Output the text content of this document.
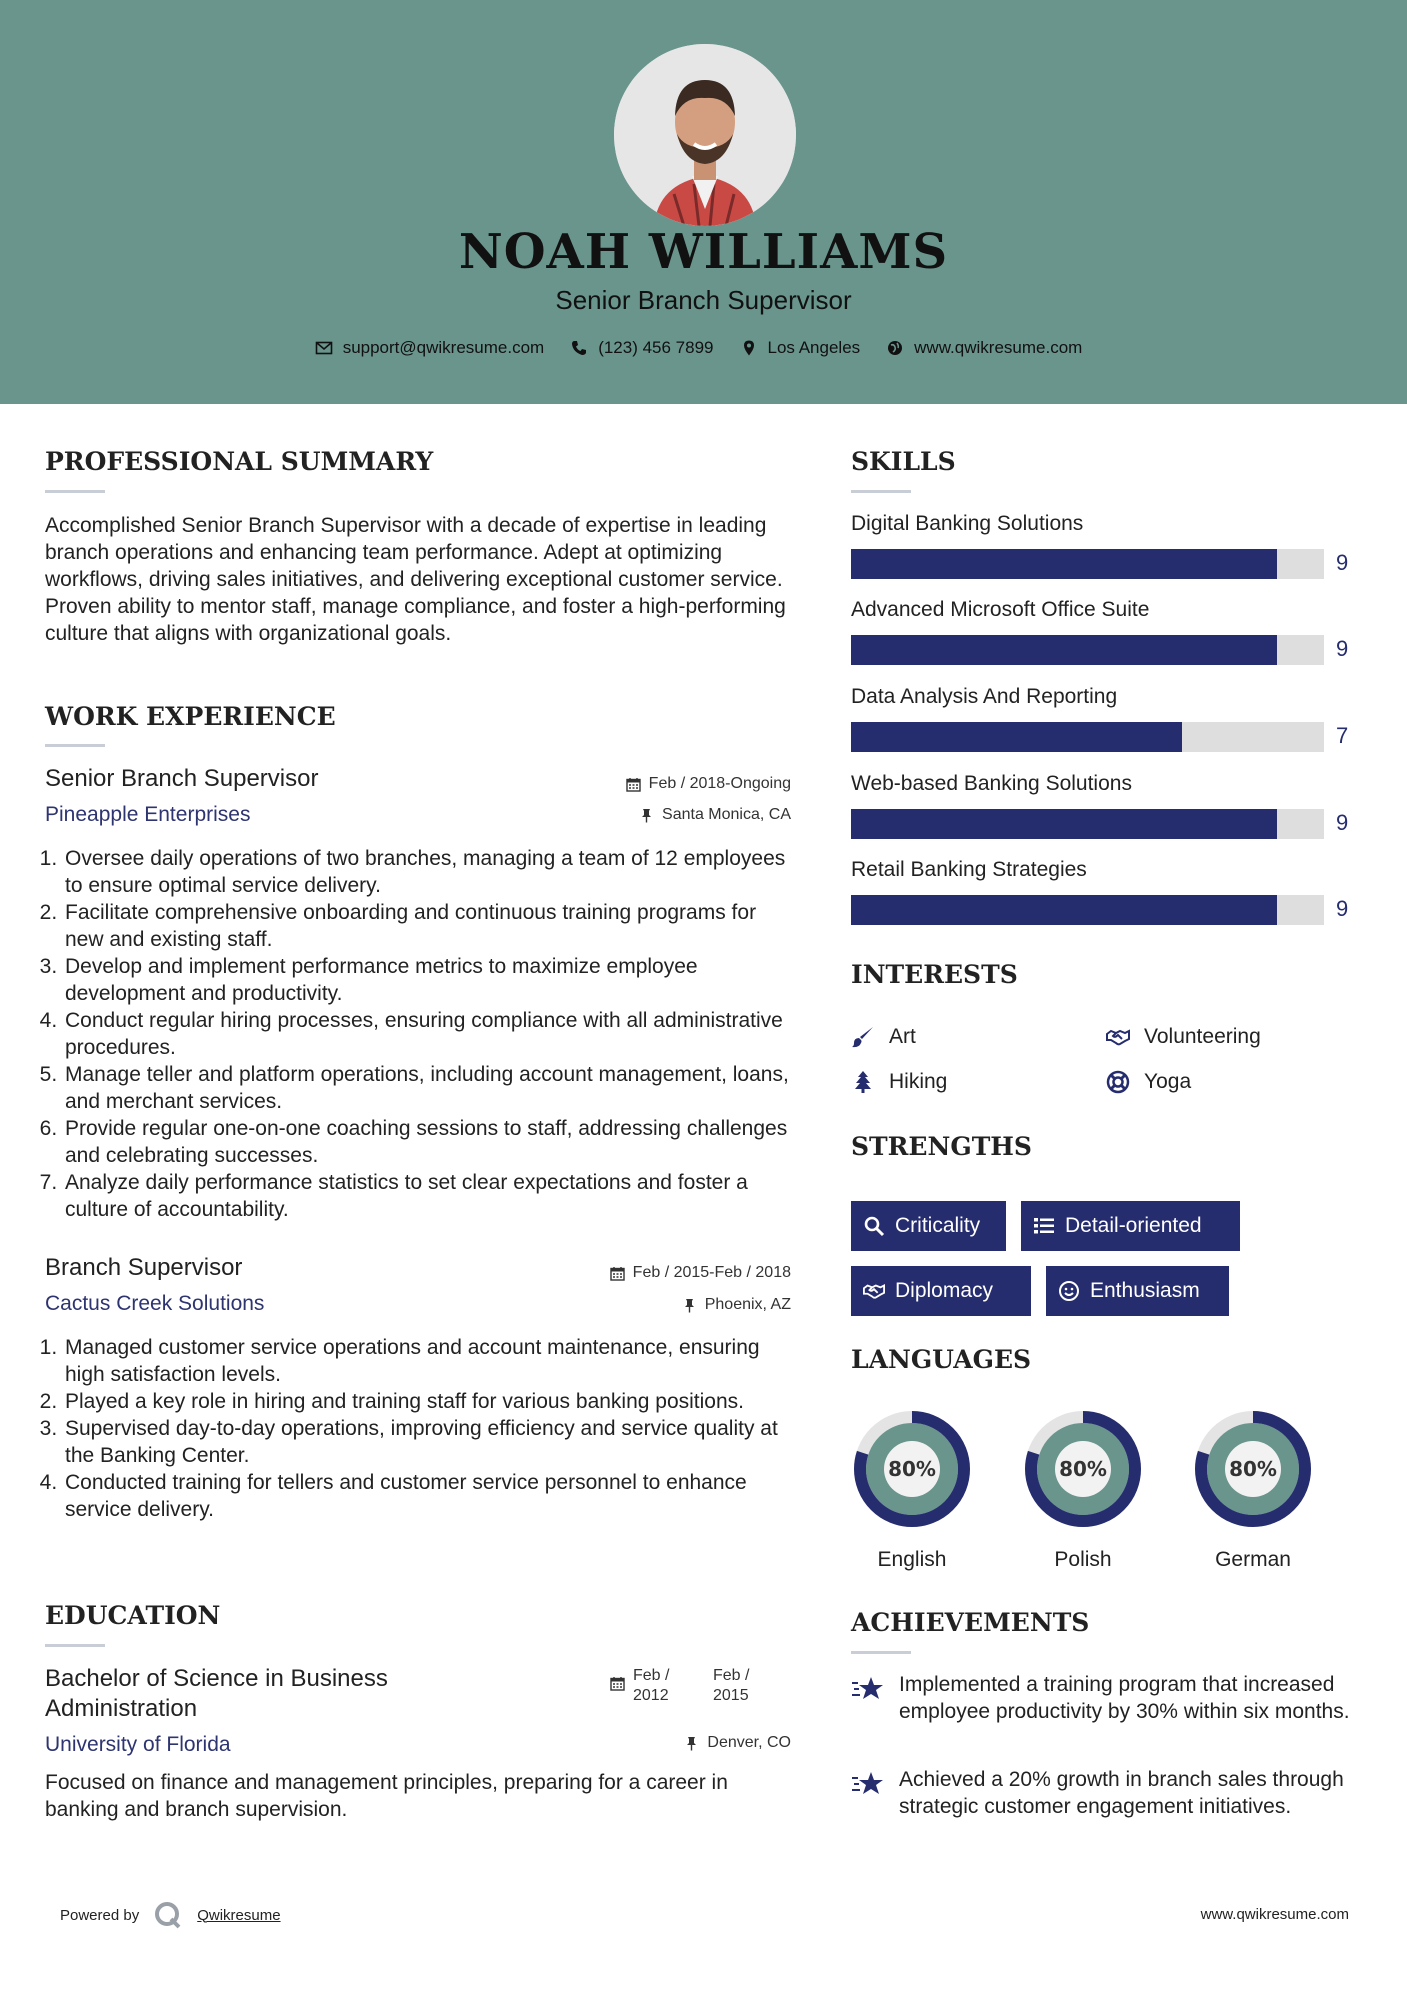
NOAH WILLIAMS
Senior Branch Supervisor
support@qwikresume.com	(123) 456 7899	Los Angeles	www.qwikresume.com
PROFESSIONAL SUMMARY
Accomplished Senior Branch Supervisor with a decade of expertise in leading branch operations and enhancing team performance. Adept at optimizing workflows, driving sales initiatives, and delivering exceptional customer service. Proven ability to mentor staff, manage compliance, and foster a high-performing culture that aligns with organizational goals.
WORK EXPERIENCE
Senior Branch Supervisor	Feb / 2018-Ongoing
Pineapple Enterprises	Santa Monica, CA
1. Oversee daily operations of two branches, managing a team of 12 employees to ensure optimal service delivery.
2. Facilitate comprehensive onboarding and continuous training programs for new and existing staff.
3. Develop and implement performance metrics to maximize employee development and productivity.
4. Conduct regular hiring processes, ensuring compliance with all administrative procedures.
5. Manage teller and platform operations, including account management, loans, and merchant services.
6. Provide regular one-on-one coaching sessions to staff, addressing challenges and celebrating successes.
7. Analyze daily performance statistics to set clear expectations and foster a culture of accountability.
Branch Supervisor	Feb / 2015-Feb / 2018
Cactus Creek Solutions	Phoenix, AZ
1. Managed customer service operations and account maintenance, ensuring high satisfaction levels.
2. Played a key role in hiring and training staff for various banking positions.
3. Supervised day-to-day operations, improving efficiency and service quality at the Banking Center.
4. Conducted training for tellers and customer service personnel to enhance service delivery.
EDUCATION
Bachelor of Science in Business Administration
Feb / 2012
Feb / 2015
University of Florida	Denver, CO
Focused on finance and management principles, preparing for a career in banking and branch supervision.
SKILLS
Digital Banking Solutions
9
Advanced Microsoft Office Suite
9
Data Analysis And Reporting
7
Web-based Banking Solutions
9
Retail Banking Strategies
9
INTERESTS
Art	Volunteering
Hiking	Yoga
STRENGTHS
Criticality	Detail-oriented
Diplomacy	Enthusiasm
LANGUAGES
80%
English
80%
Polish
80%
German
ACHIEVEMENTS
Implemented a training program that increased employee productivity by 30% within six months.
Achieved a 20% growth in branch sales through strategic customer engagement initiatives.
Powered by	Qwikresume	www.qwikresume.com
